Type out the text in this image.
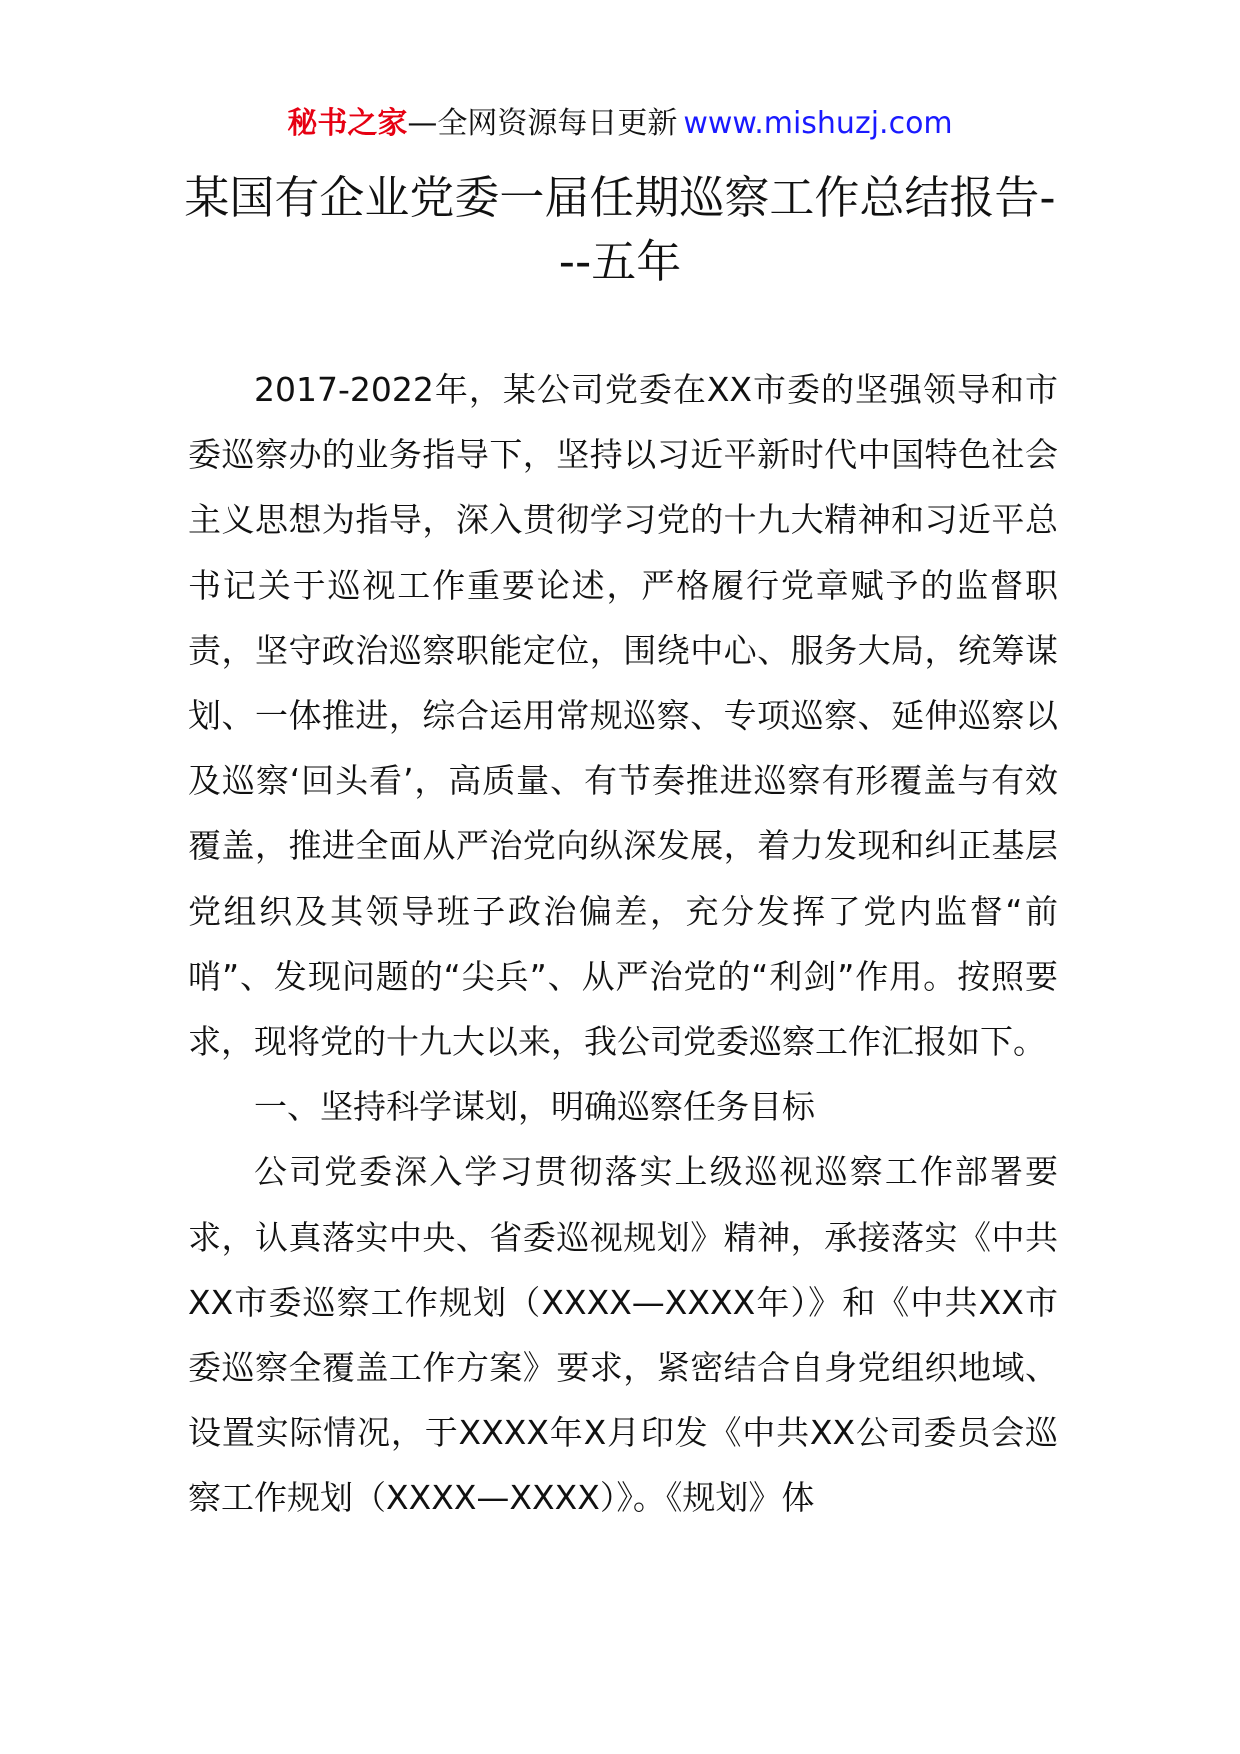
秘书之家—全网资源每日更新 www.mishuzj.com
某国有企业党委一届任期巡察工作总结报告---五年

2017-2022年，某公司党委在XX市委的坚强领导和市委巡察办的业务指导下，坚持以习近平新时代中国特色社会主义思想为指导，深入贯彻学习党的十九大精神和习近平总书记关于巡视工作重要论述，严格履行党章赋予的监督职责，坚守政治巡察职能定位，围绕中心、服务大局，统筹谋划、一体推进，综合运用常规巡察、专项巡察、延伸巡察以及巡察‘回头看’，高质量、有节奏推进巡察有形覆盖与有效覆盖，推进全面从严治党向纵深发展，着力发现和纠正基层党组织及其领导班子政治偏差，充分发挥了党内监督“前哨”、发现问题的“尖兵”、从严治党的“利剑”作用。按照要求，现将党的十九大以来，我公司党委巡察工作汇报如下。

一、坚持科学谋划，明确巡察任务目标

公司党委深入学习贯彻落实上级巡视巡察工作部署要求，认真落实中央、省委巡视规划》精神，承接落实《中共XX市委巡察工作规划（XXXX—XXXX年）》和《中共XX市委巡察全覆盖工作方案》要求，紧密结合自身党组织地域、设置实际情况，于XXXX年X月印发《中共XX公司委员会巡察工作规划（XXXX—XXXX）》。《规划》体
